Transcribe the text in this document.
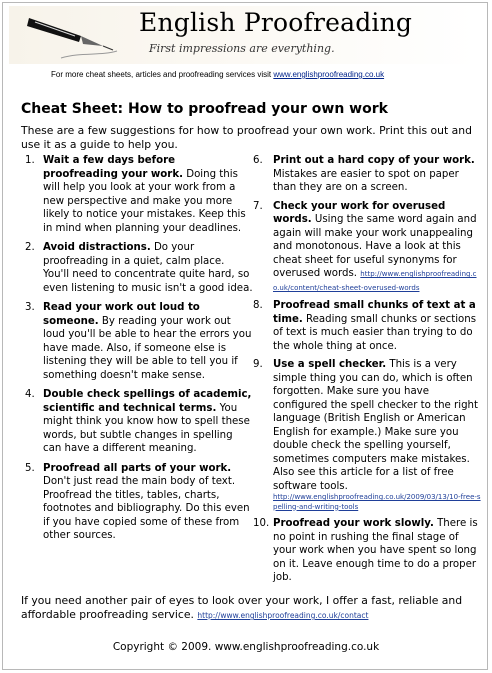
English Proofreading
First impressions are everything.
For more cheat sheets, articles and proofreading services visit www.englishproofreading.co.uk
Cheat Sheet: How to proofread your own work
These are a few suggestions for how to proofread your own work. Print this out and use it as a guide to help you.
1. Wait a few days before proofreading your work. Doing this will help you look at your work from a new perspective and make you more likely to notice your mistakes. Keep this in mind when planning your deadlines.
2. Avoid distractions. Do your proofreading in a quiet, calm place. You'll need to concentrate quite hard, so even listening to music isn't a good idea.
3. Read your work out loud to someone. By reading your work out loud you'll be able to hear the errors you have made. Also, if someone else is listening they will be able to tell you if something doesn't make sense.
4. Double check spellings of academic, scientific and technical terms. You might think you know how to spell these words, but subtle changes in spelling can have a different meaning.
5. Proofread all parts of your work. Don't just read the main body of text. Proofread the titles, tables, charts, footnotes and bibliography. Do this even if you have copied some of these from other sources.
6. Print out a hard copy of your work. Mistakes are easier to spot on paper than they are on a screen.
7. Check your work for overused words. Using the same word again and again will make your work unappealing and monotonous. Have a look at this cheat sheet for useful synonyms for overused words. http://www.englishproofreading.co.uk/content/cheat-sheet-overused-words
8. Proofread small chunks of text at a time. Reading small chunks or sections of text is much easier than trying to do the whole thing at once.
9. Use a spell checker. This is a very simple thing you can do, which is often forgotten. Make sure you have configured the spell checker to the right language (British English or American English for example.) Make sure you double check the spelling yourself, sometimes computers make mistakes. Also see this article for a list of free software tools.
http://www.englishproofreading.co.uk/2009/03/13/10-free-spelling-and-writing-tools
10. Proofread your work slowly. There is no point in rushing the final stage of your work when you have spent so long on it. Leave enough time to do a proper job.
If you need another pair of eyes to look over your work, I offer a fast, reliable and affordable proofreading service. http://www.englishproofreading.co.uk/contact
Copyright © 2009. www.englishproofreading.co.uk
